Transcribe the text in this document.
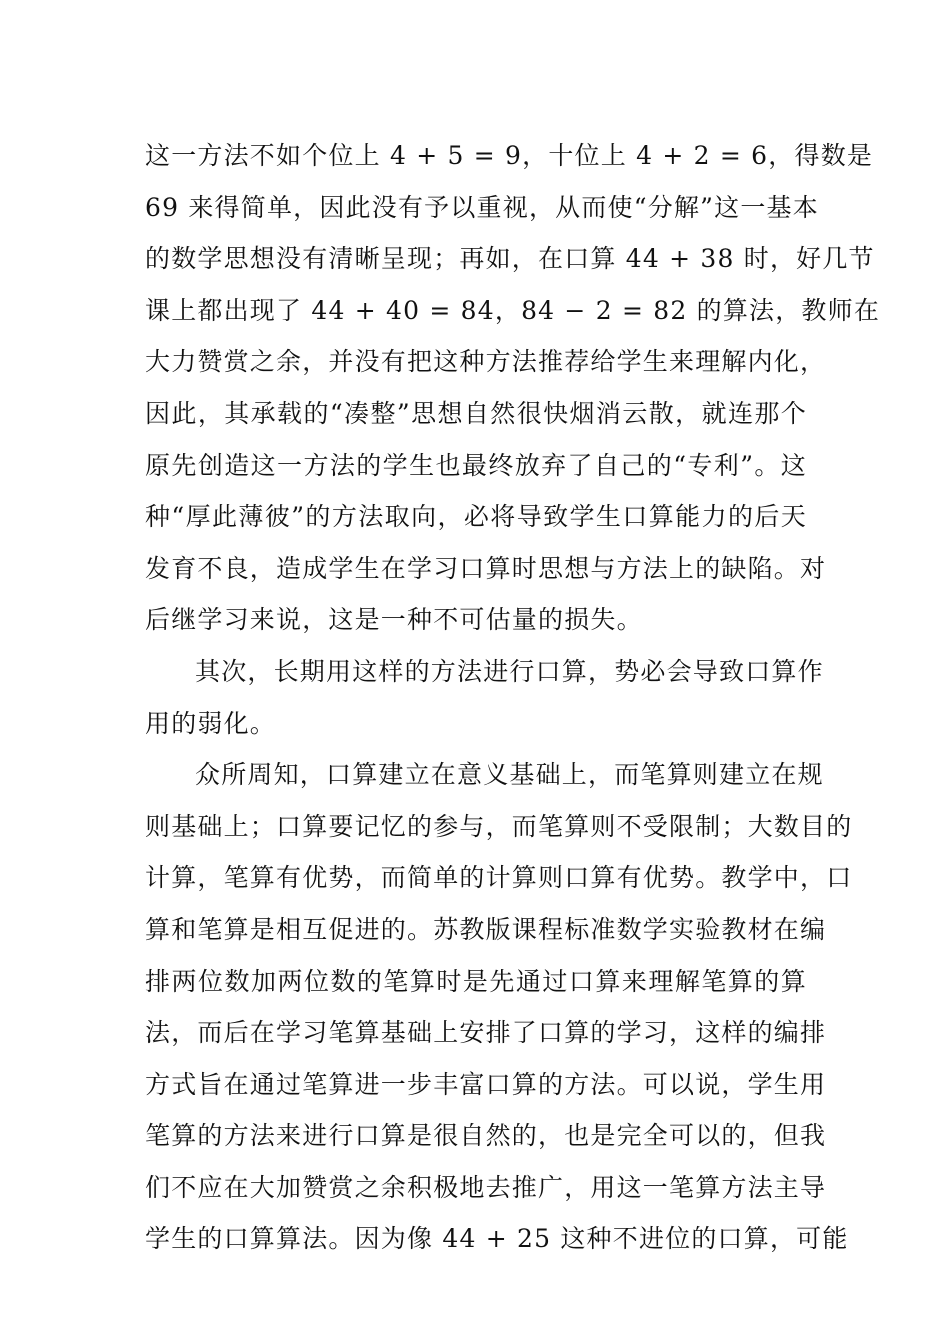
这一方法不如个位上 4 + 5 = 9，十位上 4 + 2 = 6，得数是
69 来得简单，因此没有予以重视，从而使“分解”这一基本
的数学思想没有清晰呈现；再如，在口算 44 + 38 时，好几节
课上都出现了 44 + 40 = 84，84 − 2 = 82 的算法，教师在
大力赞赏之余，并没有把这种方法推荐给学生来理解内化，
因此，其承载的“凑整”思想自然很快烟消云散，就连那个
原先创造这一方法的学生也最终放弃了自己的“专利”。这
种“厚此薄彼”的方法取向，必将导致学生口算能力的后天
发育不良，造成学生在学习口算时思想与方法上的缺陷。对
后继学习来说，这是一种不可估量的损失。
其次，长期用这样的方法进行口算，势必会导致口算作
用的弱化。
众所周知，口算建立在意义基础上，而笔算则建立在规
则基础上；口算要记忆的参与，而笔算则不受限制；大数目的
计算，笔算有优势，而简单的计算则口算有优势。教学中，口
算和笔算是相互促进的。苏教版课程标准数学实验教材在编
排两位数加两位数的笔算时是先通过口算来理解笔算的算
法，而后在学习笔算基础上安排了口算的学习，这样的编排
方式旨在通过笔算进一步丰富口算的方法。可以说，学生用
笔算的方法来进行口算是很自然的，也是完全可以的，但我
们不应在大加赞赏之余积极地去推广，用这一笔算方法主导
学生的口算算法。因为像 44 + 25 这种不进位的口算，可能
